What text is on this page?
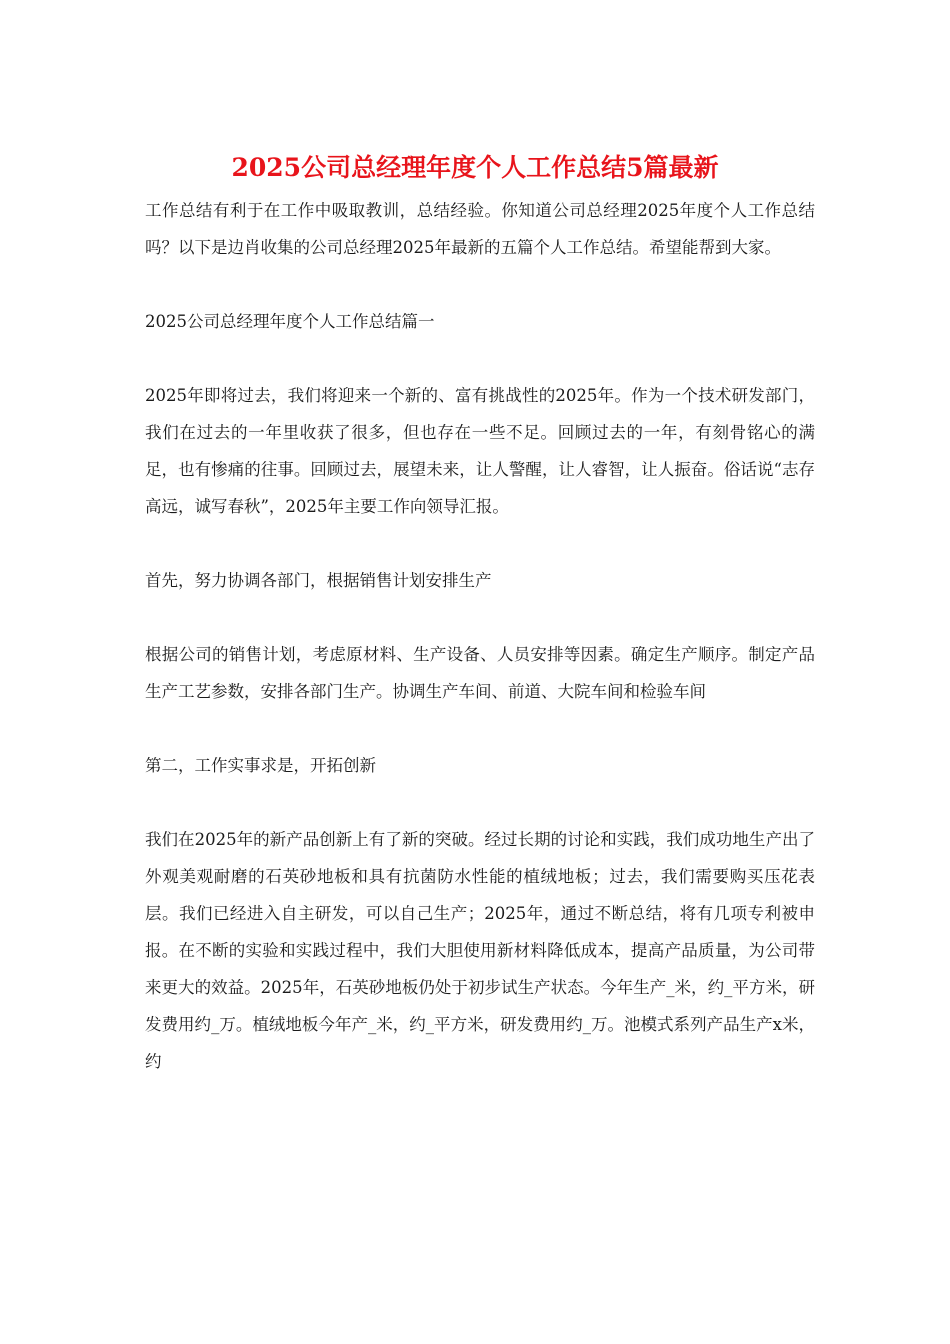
2025公司总经理年度个人工作总结5篇最新

工作总结有利于在工作中吸取教训，总结经验。你知道公司总经理2025年度个人工作总结吗？以下是边肖收集的公司总经理2025年最新的五篇个人工作总结。希望能帮到大家。

2025公司总经理年度个人工作总结篇一

2025年即将过去，我们将迎来一个新的、富有挑战性的2025年。作为一个技术研发部门，我们在过去的一年里收获了很多，但也存在一些不足。回顾过去的一年，有刻骨铭心的满足，也有惨痛的往事。回顾过去，展望未来，让人警醒，让人睿智，让人振奋。俗话说“志存高远，诚写春秋”，2025年主要工作向领导汇报。

首先，努力协调各部门，根据销售计划安排生产

根据公司的销售计划，考虑原材料、生产设备、人员安排等因素。确定生产顺序。制定产品生产工艺参数，安排各部门生产。协调生产车间、前道、大院车间和检验车间

第二，工作实事求是，开拓创新

我们在2025年的新产品创新上有了新的突破。经过长期的讨论和实践，我们成功地生产出了外观美观耐磨的石英砂地板和具有抗菌防水性能的植绒地板；过去，我们需要购买压花表层。我们已经进入自主研发，可以自己生产；2025年，通过不断总结，将有几项专利被申报。在不断的实验和实践过程中，我们大胆使用新材料降低成本，提高产品质量，为公司带来更大的效益。2025年，石英砂地板仍处于初步试生产状态。今年生产_米，约_平方米，研发费用约_万。植绒地板今年产_米，约_平方米，研发费用约_万。池模式系列产品生产x米，约
